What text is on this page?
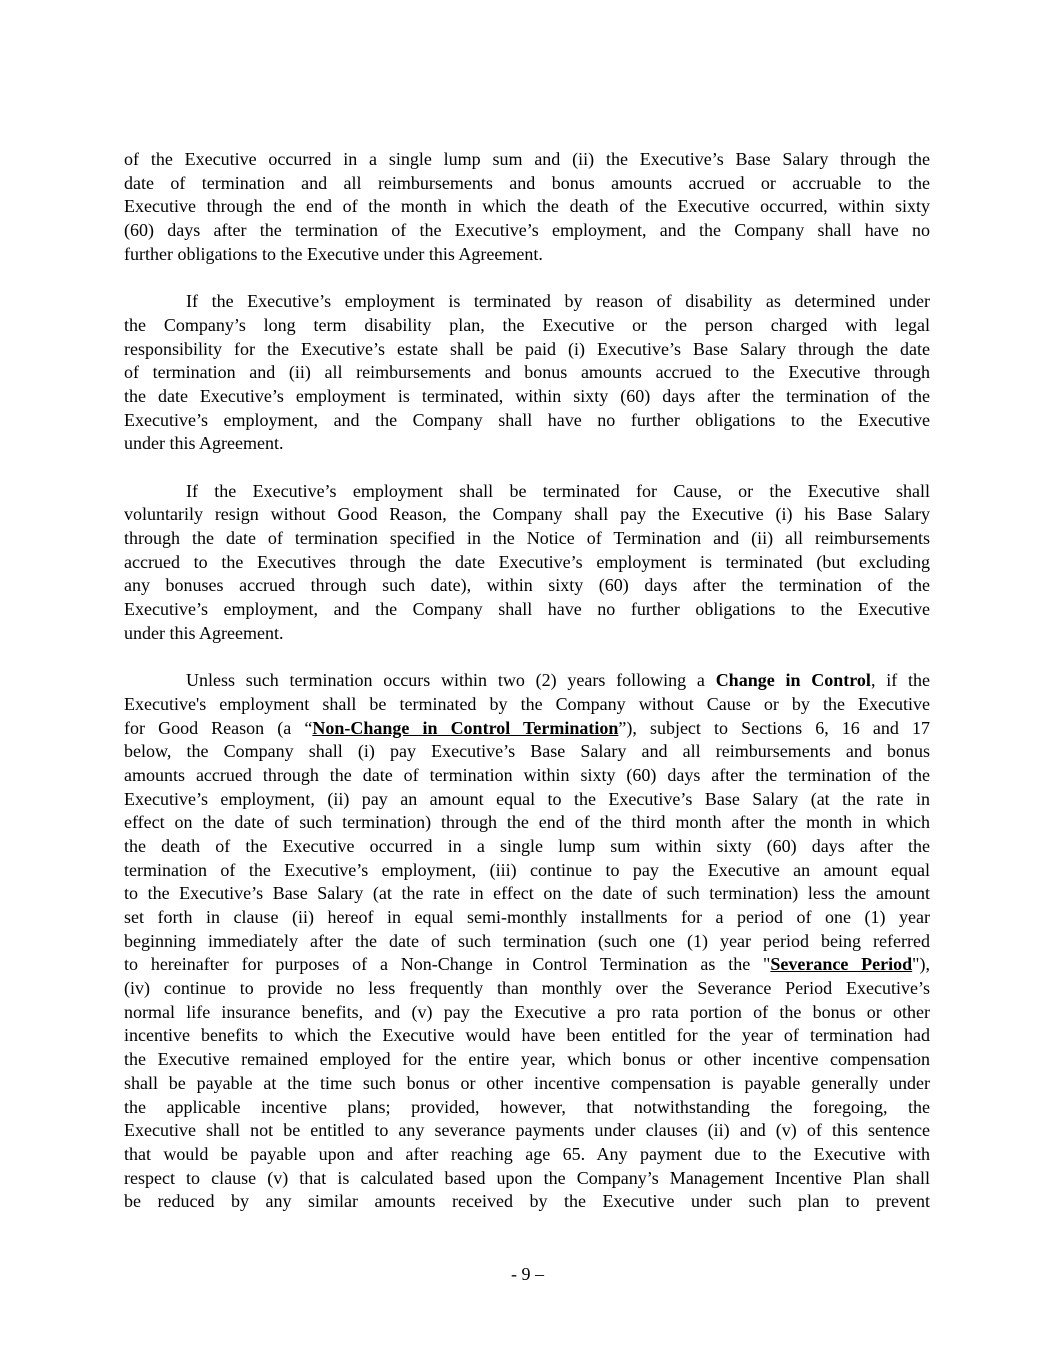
of the Executive occurred in a single lump sum and (ii) the Executive’s Base Salary through the
date of termination and all reimbursements and bonus amounts accrued or accruable to the
Executive through the end of the month in which the death of the Executive occurred, within sixty
(60) days after the termination of the Executive’s employment, and the Company shall have no
further obligations to the Executive under this Agreement.
If the Executive’s employment is terminated by reason of disability as determined under
the Company’s long term disability plan, the Executive or the person charged with legal
responsibility for the Executive’s estate shall be paid (i) Executive’s Base Salary through the date
of termination and (ii) all reimbursements and bonus amounts accrued to the Executive through
the date Executive’s employment is terminated, within sixty (60) days after the termination of the
Executive’s employment, and the Company shall have no further obligations to the Executive
under this Agreement.
If the Executive’s employment shall be terminated for Cause, or the Executive shall
voluntarily resign without Good Reason, the Company shall pay the Executive (i) his Base Salary
through the date of termination specified in the Notice of Termination and (ii) all reimbursements
accrued to the Executives through the date Executive’s employment is terminated (but excluding
any bonuses accrued through such date), within sixty (60) days after the termination of the
Executive’s employment, and the Company shall have no further obligations to the Executive
under this Agreement.
Unless such termination occurs within two (2) years following a Change in Control, if the
Executive's employment shall be terminated by the Company without Cause or by the Executive
for Good Reason (a “Non-Change in Control Termination”), subject to Sections 6, 16 and 17
below, the Company shall (i) pay Executive’s Base Salary and all reimbursements and bonus
amounts accrued through the date of termination within sixty (60) days after the termination of the
Executive’s employment, (ii) pay an amount equal to the Executive’s Base Salary (at the rate in
effect on the date of such termination) through the end of the third month after the month in which
the death of the Executive occurred in a single lump sum within sixty (60) days after the
termination of the Executive’s employment, (iii) continue to pay the Executive an amount equal
to the Executive’s Base Salary (at the rate in effect on the date of such termination) less the amount
set forth in clause (ii) hereof in equal semi-monthly installments for a period of one (1) year
beginning immediately after the date of such termination (such one (1) year period being referred
to hereinafter for purposes of a Non-Change in Control Termination as the "Severance Period"),
(iv) continue to provide no less frequently than monthly over the Severance Period Executive’s
normal life insurance benefits, and (v) pay the Executive a pro rata portion of the bonus or other
incentive benefits to which the Executive would have been entitled for the year of termination had
the Executive remained employed for the entire year, which bonus or other incentive compensation
shall be payable at the time such bonus or other incentive compensation is payable generally under
the applicable incentive plans; provided, however, that notwithstanding the foregoing, the
Executive shall not be entitled to any severance payments under clauses (ii) and (v) of this sentence
that would be payable upon and after reaching age 65. Any payment due to the Executive with
respect to clause (v) that is calculated based upon the Company’s Management Incentive Plan shall
be reduced by any similar amounts received by the Executive under such plan to prevent
- 9 –
